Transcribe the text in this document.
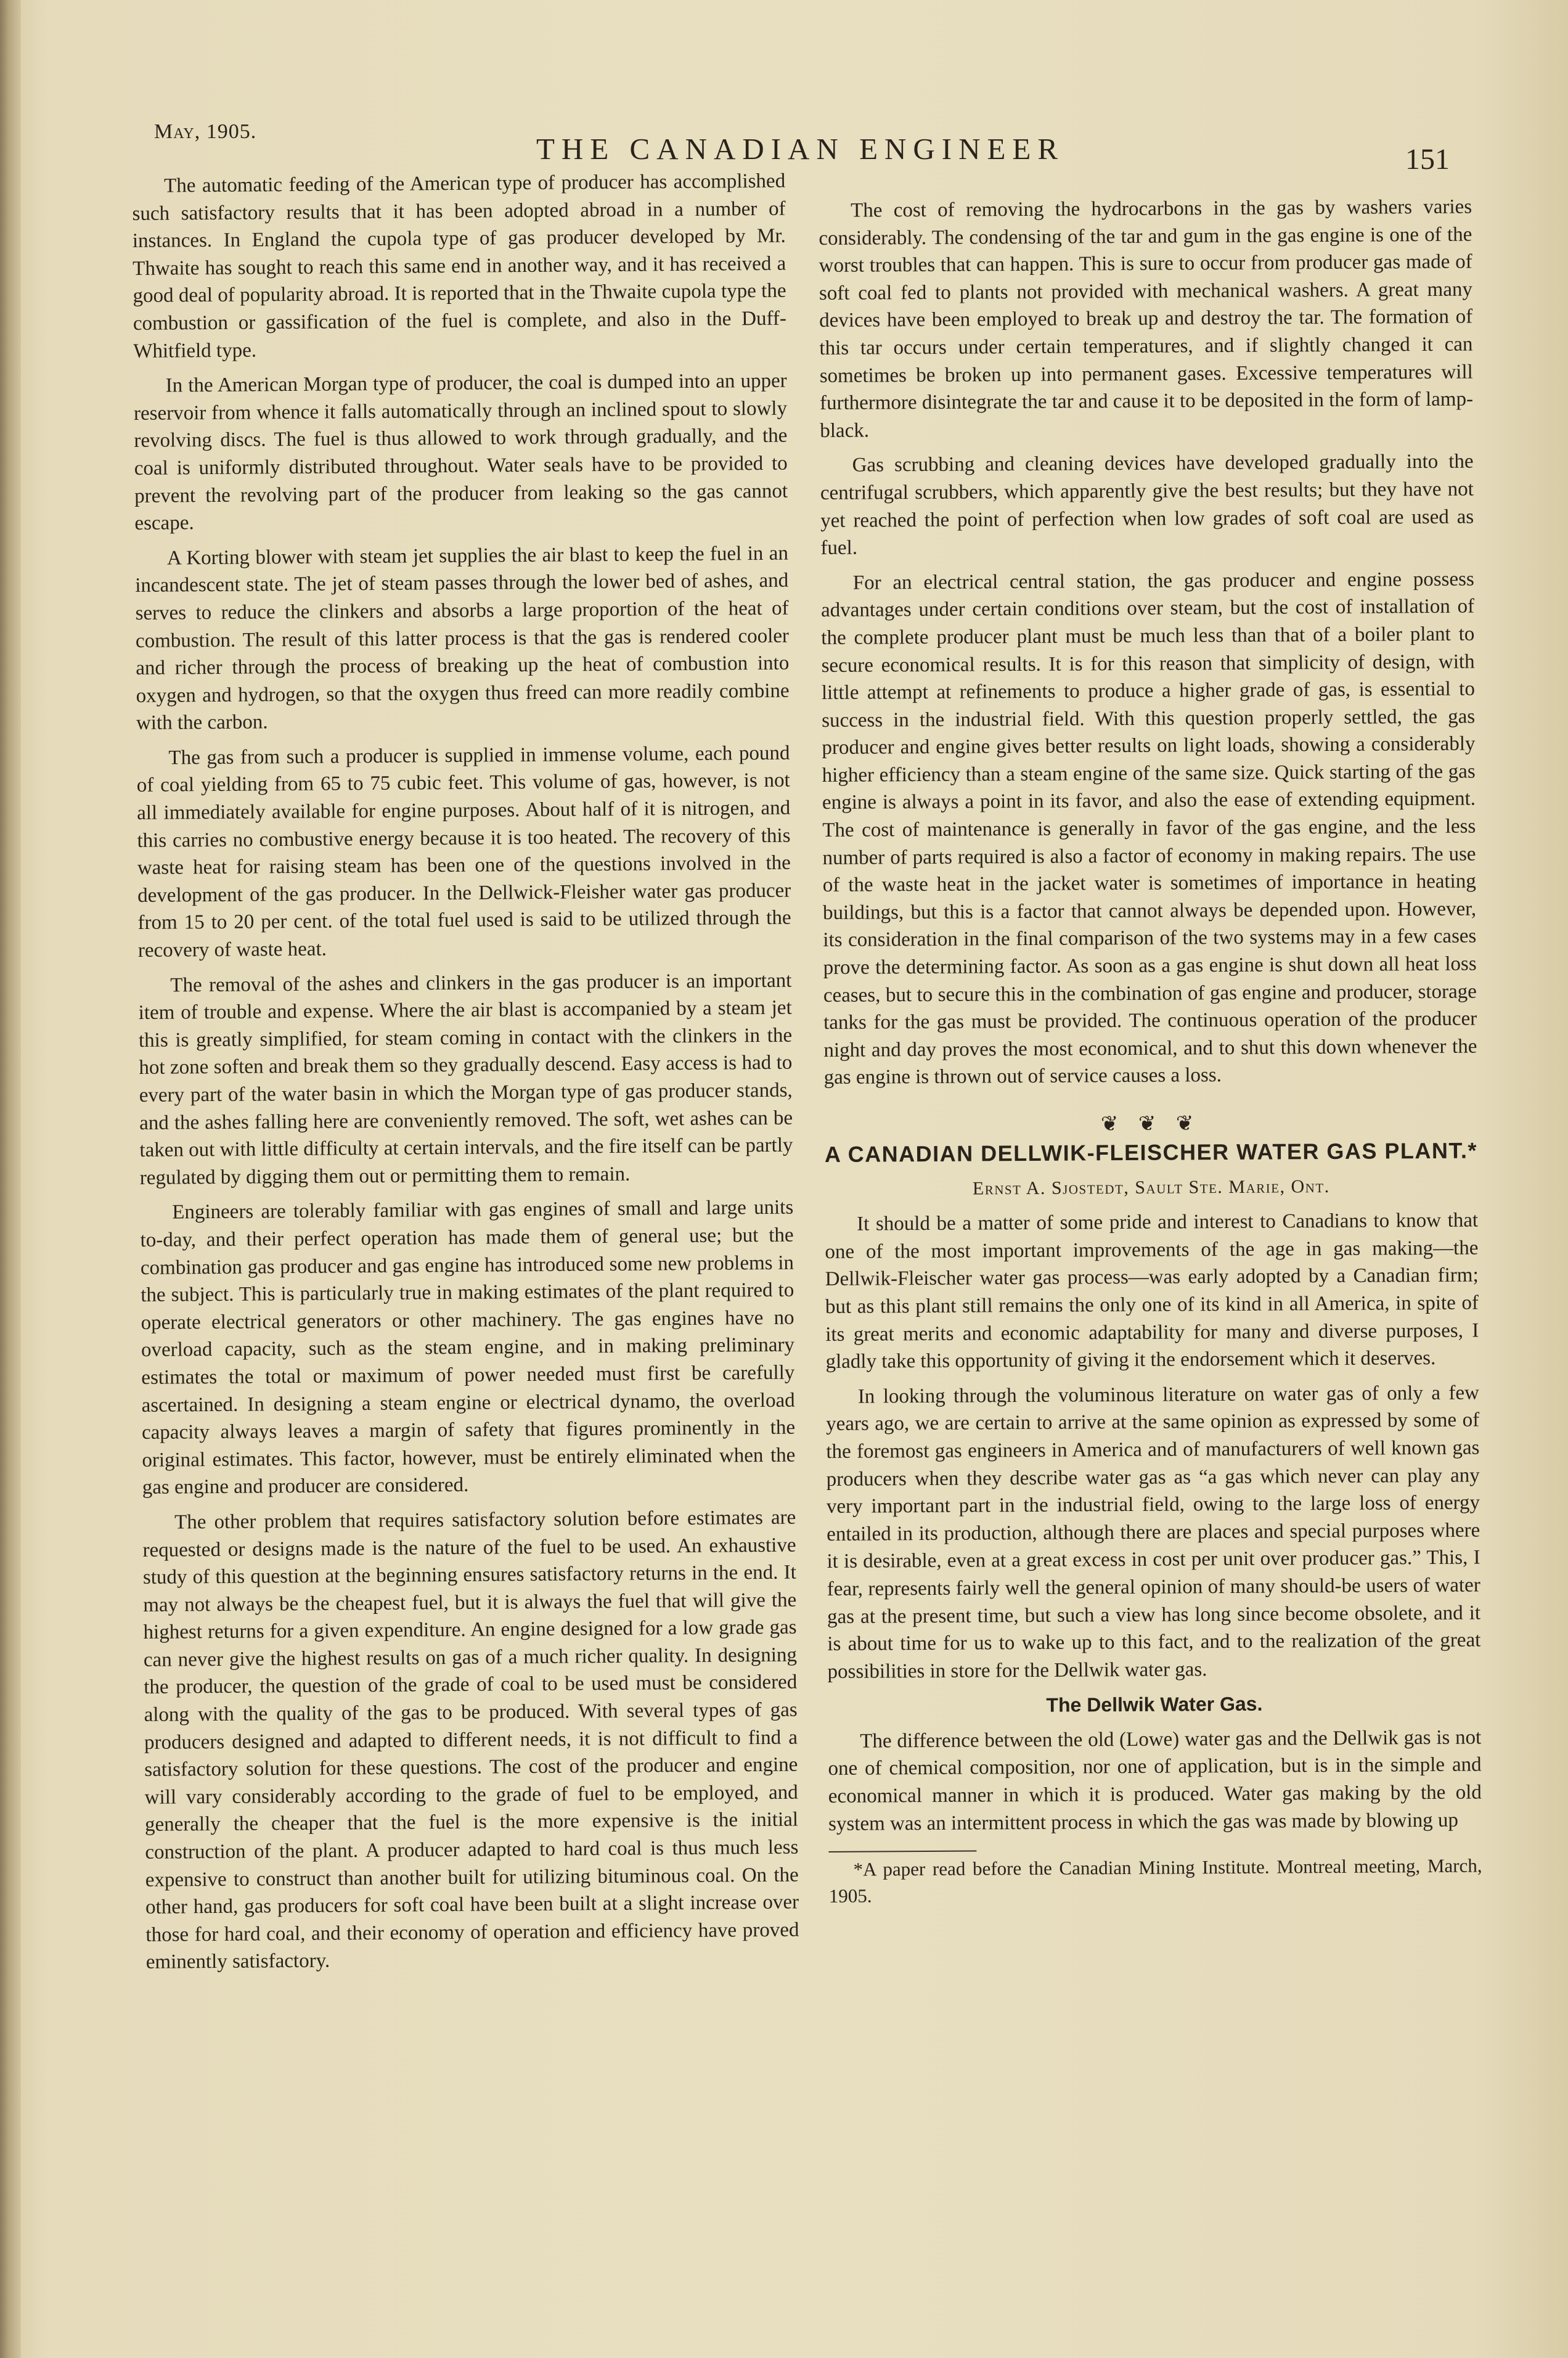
May, 1905.
THE CANADIAN ENGINEER	151

The automatic feeding of the American type of producer has accomplished such satisfactory results that it has been adopted abroad in a number of instances. In England the cupola type of gas producer developed by Mr. Thwaite has sought to reach this same end in another way, and it has received a good deal of popularity abroad. It is reported that in the Thwaite cupola type the combustion or gassification of the fuel is complete, and also in the Duff-Whitfield type.

In the American Morgan type of producer, the coal is dumped into an upper reservoir from whence it falls automatically through an inclined spout to slowly revolving discs. The fuel is thus allowed to work through gradually, and the coal is uniformly distributed throughout. Water seals have to be provided to prevent the revolving part of the producer from leaking so the gas cannot escape.

A Korting blower with steam jet supplies the air blast to keep the fuel in an incandescent state. The jet of steam passes through the lower bed of ashes, and serves to reduce the clinkers and absorbs a large proportion of the heat of combustion. The result of this latter process is that the gas is rendered cooler and richer through the process of breaking up the heat of combustion into oxygen and hydrogen, so that the oxygen thus freed can more readily combine with the carbon.

The gas from such a producer is supplied in immense volume, each pound of coal yielding from 65 to 75 cubic feet. This volume of gas, however, is not all immediately available for engine purposes. About half of it is nitrogen, and this carries no combustive energy because it is too heated. The recovery of this waste heat for raising steam has been one of the questions involved in the development of the gas producer. In the Dellwick-Fleisher water gas producer from 15 to 20 per cent. of the total fuel used is said to be utilized through the recovery of waste heat.

The removal of the ashes and clinkers in the gas producer is an important item of trouble and expense. Where the air blast is accompanied by a steam jet this is greatly simplified, for steam coming in contact with the clinkers in the hot zone soften and break them so they gradually descend. Easy access is had to every part of the water basin in which the Morgan type of gas producer stands, and the ashes falling here are conveniently removed. The soft, wet ashes can be taken out with little difficulty at certain intervals, and the fire itself can be partly regulated by digging them out or permitting them to remain.

Engineers are tolerably familiar with gas engines of small and large units to-day, and their perfect operation has made them of general use; but the combination gas producer and gas engine has introduced some new problems in the subject. This is particularly true in making estimates of the plant required to operate electrical generators or other machinery. The gas engines have no overload capacity, such as the steam engine, and in making preliminary estimates the total or maximum of power needed must first be carefully ascertained. In designing a steam engine or electrical dynamo, the overload capacity always leaves a margin of safety that figures prominently in the original estimates. This factor, however, must be entirely eliminated when the gas engine and producer are considered.

The other problem that requires satisfactory solution before estimates are requested or designs made is the nature of the fuel to be used. An exhaustive study of this question at the beginning ensures satisfactory returns in the end. It may not always be the cheapest fuel, but it is always the fuel that will give the highest returns for a given expenditure. An engine designed for a low grade gas can never give the highest results on gas of a much richer quality. In designing the producer, the question of the grade of coal to be used must be considered along with the quality of the gas to be produced. With several types of gas producers designed and adapted to different needs, it is not difficult to find a satisfactory solution for these questions. The cost of the producer and engine will vary considerably according to the grade of fuel to be employed, and generally the cheaper that the fuel is the more expensive is the initial construction of the plant. A producer adapted to hard coal is thus much less expensive to construct than another built for utilizing bituminous coal. On the other hand, gas producers for soft coal have been built at a slight increase over those for hard coal, and their economy of operation and efficiency have proved eminently satisfactory.

The cost of removing the hydrocarbons in the gas by washers varies considerably. The condensing of the tar and gum in the gas engine is one of the worst troubles that can happen. This is sure to occur from producer gas made of soft coal fed to plants not provided with mechanical washers. A great many devices have been employed to break up and destroy the tar. The formation of this tar occurs under certain temperatures, and if slightly changed it can sometimes be broken up into permanent gases. Excessive temperatures will furthermore disintegrate the tar and cause it to be deposited in the form of lamp-black.

Gas scrubbing and cleaning devices have developed gradually into the centrifugal scrubbers, which apparently give the best results; but they have not yet reached the point of perfection when low grades of soft coal are used as fuel.

For an electrical central station, the gas producer and engine possess advantages under certain conditions over steam, but the cost of installation of the complete producer plant must be much less than that of a boiler plant to secure economical results. It is for this reason that simplicity of design, with little attempt at refinements to produce a higher grade of gas, is essential to success in the industrial field. With this question properly settled, the gas producer and engine gives better results on light loads, showing a considerably higher efficiency than a steam engine of the same size. Quick starting of the gas engine is always a point in its favor, and also the ease of extending equipment. The cost of maintenance is generally in favor of the gas engine, and the less number of parts required is also a factor of economy in making repairs. The use of the waste heat in the jacket water is sometimes of importance in heating buildings, but this is a factor that cannot always be depended upon. However, its consideration in the final comparison of the two systems may in a few cases prove the determining factor. As soon as a gas engine is shut down all heat loss ceases, but to secure this in the combination of gas engine and producer, storage tanks for the gas must be provided. The continuous operation of the producer night and day proves the most economical, and to shut this down whenever the gas engine is thrown out of service causes a loss.

❦ ❦ ❦

A CANADIAN DELLWIK-FLEISCHER WATER GAS PLANT.*

Ernst A. Sjostedt, Sault Ste. Marie, Ont.

It should be a matter of some pride and interest to Canadians to know that one of the most important improvements of the age in gas making—the Dellwik-Fleischer water gas process—was early adopted by a Canadian firm; but as this plant still remains the only one of its kind in all America, in spite of its great merits and economic adaptability for many and diverse purposes, I gladly take this opportunity of giving it the endorsement which it deserves.

In looking through the voluminous literature on water gas of only a few years ago, we are certain to arrive at the same opinion as expressed by some of the foremost gas engineers in America and of manufacturers of well known gas producers when they describe water gas as “a gas which never can play any very important part in the industrial field, owing to the large loss of energy entailed in its production, although there are places and special purposes where it is desirable, even at a great excess in cost per unit over producer gas.” This, I fear, represents fairly well the general opinion of many should-be users of water gas at the present time, but such a view has long since become obsolete, and it is about time for us to wake up to this fact, and to the realization of the great possibilities in store for the Dellwik water gas.

The Dellwik Water Gas.

The difference between the old (Lowe) water gas and the Dellwik gas is not one of chemical composition, nor one of application, but is in the simple and economical manner in which it is produced. Water gas making by the old system was an intermittent process in which the gas was made by blowing up

*A paper read before the Canadian Mining Institute. Montreal meeting, March, 1905.
